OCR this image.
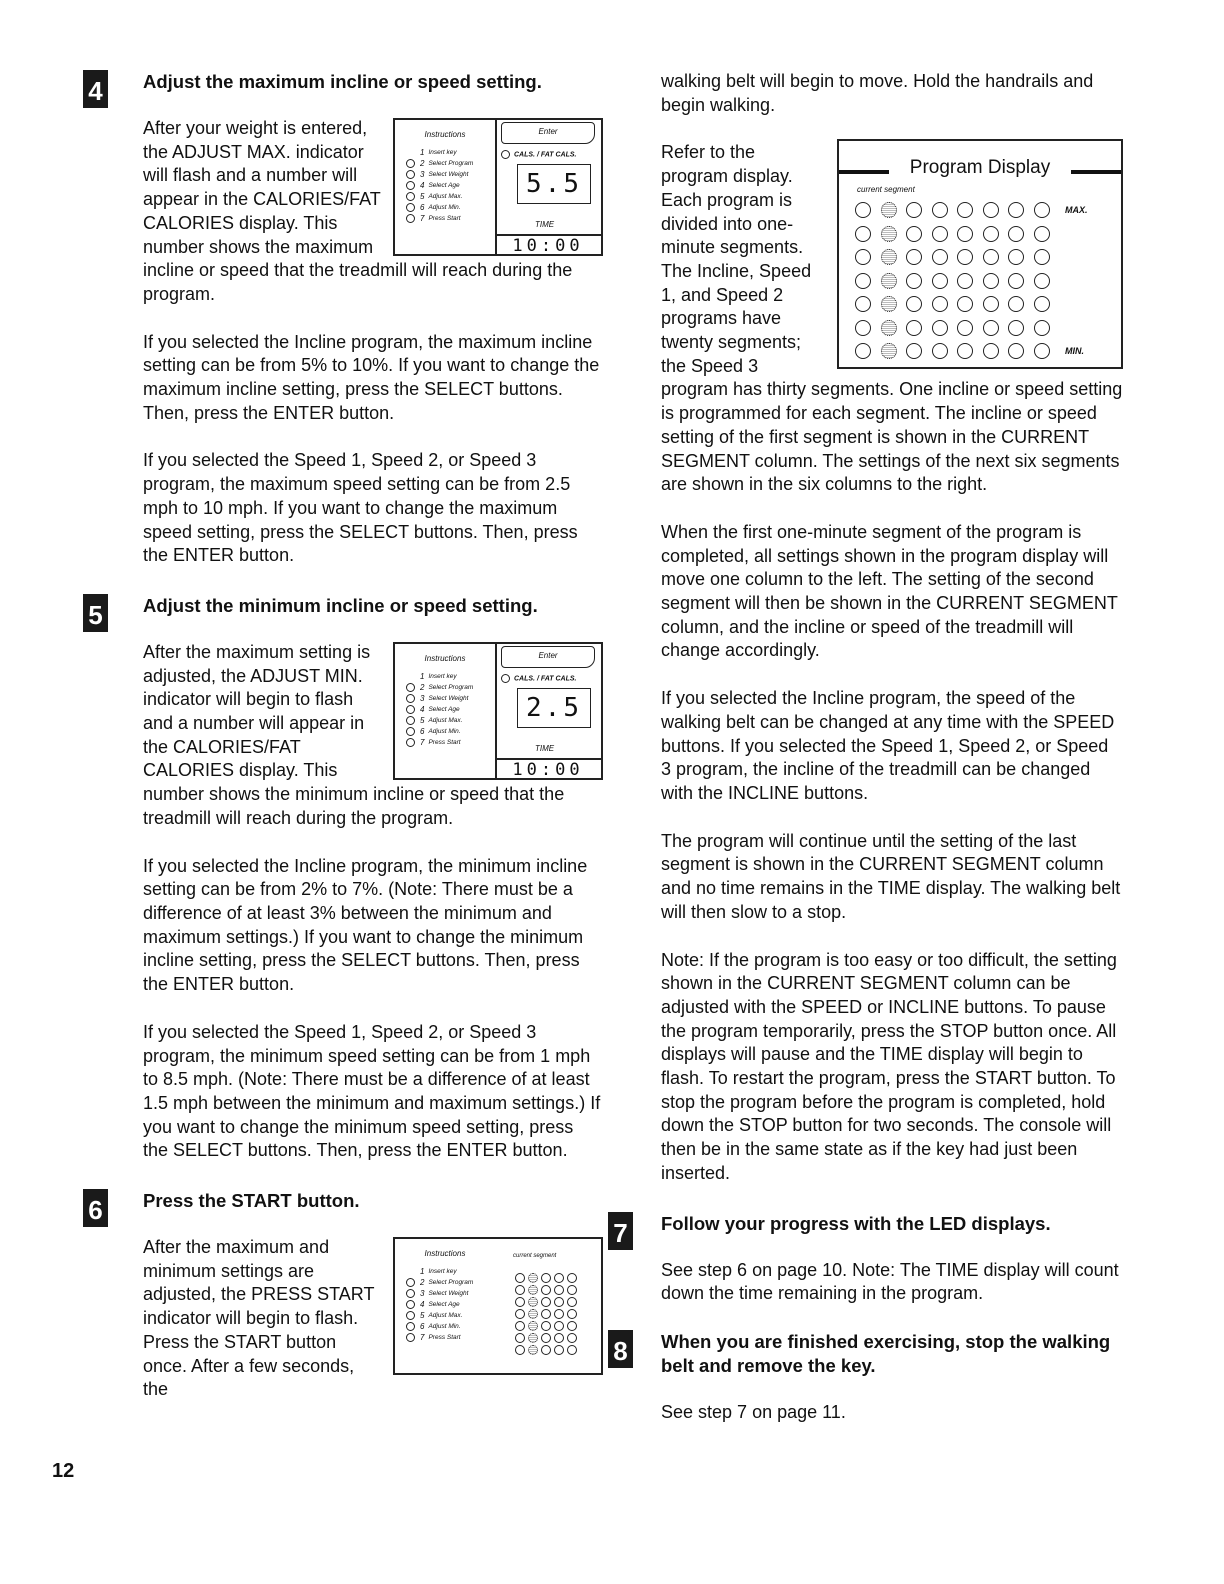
4 Adjust the maximum incline or speed setting.
Instructions
1 Insert key
2 Select Program
3 Select Weight
4 Select Age
5 Adjust Max.
6 Adjust Min.
7 Press Start
Enter
CALS. / FAT CALS.
5.5
TIME
10:00

After your weight is entered, the ADJUST MAX. indicator will flash and a number will appear in the CALORIES/FAT CALORIES display. This number shows the maximum incline or speed that the treadmill will reach during the program.

If you selected the Incline program, the maximum incline setting can be from 5% to 10%. If you want to change the maximum incline setting, press the SELECT buttons. Then, press the ENTER button.

If you selected the Speed 1, Speed 2, or Speed 3 program, the maximum speed setting can be from 2.5 mph to 10 mph. If you want to change the maximum speed setting, press the SELECT buttons. Then, press the ENTER button.

5 Adjust the minimum incline or speed setting.
Instructions
1 Insert key
2 Select Program
3 Select Weight
4 Select Age
5 Adjust Max.
6 Adjust Min.
7 Press Start
Enter
CALS. / FAT CALS.
2.5
TIME
10:00

After the maximum setting is adjusted, the ADJUST MIN. indicator will begin to flash and a number will appear in the CALORIES/FAT CALORIES display. This number shows the minimum incline or speed that the treadmill will reach during the program.

If you selected the Incline program, the minimum incline setting can be from 2% to 7%. (Note: There must be a difference of at least 3% between the minimum and maximum settings.) If you want to change the minimum incline setting, press the SELECT buttons. Then, press the ENTER button.

If you selected the Speed 1, Speed 2, or Speed 3 program, the minimum speed setting can be from 1 mph to 8.5 mph. (Note: There must be a difference of at least 1.5 mph between the minimum and maximum settings.) If you want to change the minimum speed setting, press the SELECT buttons. Then, press the ENTER button.

6 Press the START button.
Instructions
1 Insert key
2 Select Program
3 Select Weight
4 Select Age
5 Adjust Max.
6 Adjust Min.
7 Press Start
current segment

After the maximum and minimum settings are adjusted, the PRESS START indicator will begin to flash. Press the START button once. After a few seconds, the

walking belt will begin to move. Hold the handrails and begin walking.

Program Display
current segment
MAX.
MIN.

Refer to the program display. Each program is divided into one-minute segments. The Incline, Speed 1, and Speed 2 programs have twenty segments; the Speed 3 program has thirty segments. One incline or speed setting is programmed for each segment. The incline or speed setting of the first segment is shown in the CURRENT SEGMENT column. The settings of the next six segments are shown in the six columns to the right.

When the first one-minute segment of the program is completed, all settings shown in the program display will move one column to the left. The setting of the second segment will then be shown in the CURRENT SEGMENT column, and the incline or speed of the treadmill will change accordingly.

If you selected the Incline program, the speed of the walking belt can be changed at any time with the SPEED buttons. If you selected the Speed 1, Speed 2, or Speed 3 program, the incline of the treadmill can be changed with the INCLINE buttons.

The program will continue until the setting of the last segment is shown in the CURRENT SEGMENT column and no time remains in the TIME display. The walking belt will then slow to a stop.

Note: If the program is too easy or too difficult, the setting shown in the CURRENT SEGMENT column can be adjusted with the SPEED or INCLINE buttons. To pause the program temporarily, press the STOP button once. All displays will pause and the TIME display will begin to flash. To restart the program, press the START button. To stop the program before the program is completed, hold down the STOP button for two seconds. The console will then be in the same state as if the key had just been inserted.

7 Follow your progress with the LED displays.

See step 6 on page 10. Note: The TIME display will count down the time remaining in the program.

8 When you are finished exercising, stop the walking belt and remove the key.

See step 7 on page 11.

12
